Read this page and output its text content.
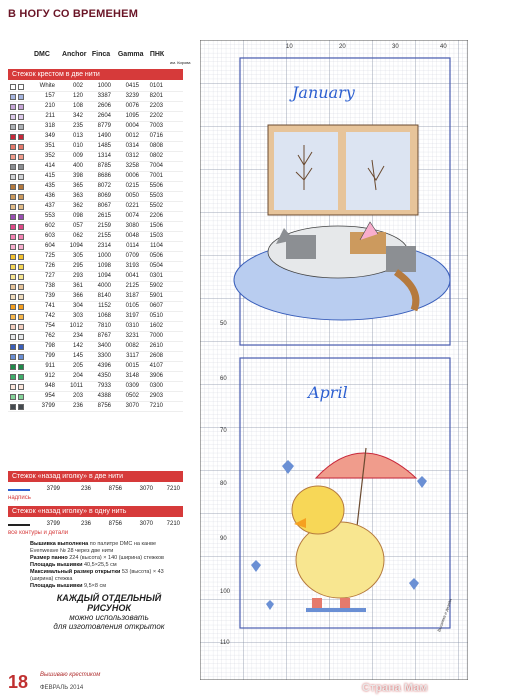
В НОГУ СО ВРЕМЕНЕМ
DMC Anchor Finca Gamma ПНК
им. Кирова
Стежок крестом в две нити
White	002	1000	0415	0101
157	120	3387	3239	8201
210	108	2606	0076	2203
211	342	2604	1095	2202
318	235	8779	0004	7003
349	013	1490	0012	0716
351	010	1485	0314	0808
352	009	1314	0312	0802
414	400	8785	3258	7004
415	398	8686	0006	7001
435	365	8072	0215	5506
436	363	8069	0050	5503
437	362	8067	0221	5502
553	098	2615	0074	2206
602	057	2159	3080	1506
603	062	2155	0048	1503
604	1094	2314	0114	1104
725	305	1000	0709	0506
726	295	1098	3193	0504
727	293	1094	0041	0301
738	361	4000	2125	5902
739	366	8140	3187	5901
741	304	1152	0105	0607
742	303	1068	3197	0510
754	1012	7810	0310	1602
762	234	8767	3231	7000
798	142	3400	0082	2610
799	145	3300	3117	2608
911	205	4396	0015	4107
912	204	4350	3148	3906
948	1011	7933	0309	0300
954	203	4388	0502	2903
3799	236	8756	3070	7210
Стежок «назад иголку» в две нити
3799	236	8756	3070	7210
надпись
Стежок «назад иголку» в одну нить
3799	236	8756	3070	7210
все контуры и детали
Вышивка выполнена по палитре DMC на канве Evenweave № 28 через две нити
Размер панно 224 (высота) × 140 (ширина) стежков
Площадь вышивки 40,5×25,5 см
Максимальный размер открытки 53 (высота) × 43 (ширина) стежка
Площадь вышивки 9,5×8 см
КАЖДЫЙ ОТДЕЛЬНЫЙ
РИСУНОК
можно использовать
для изготовления открыток
18 Вышиваю крестиком
ФЕВРАЛЬ 2014
10	20	30	40
50
60
70
80
90
100
110
January
April
Вышивка и дизайн
Страна Мам
